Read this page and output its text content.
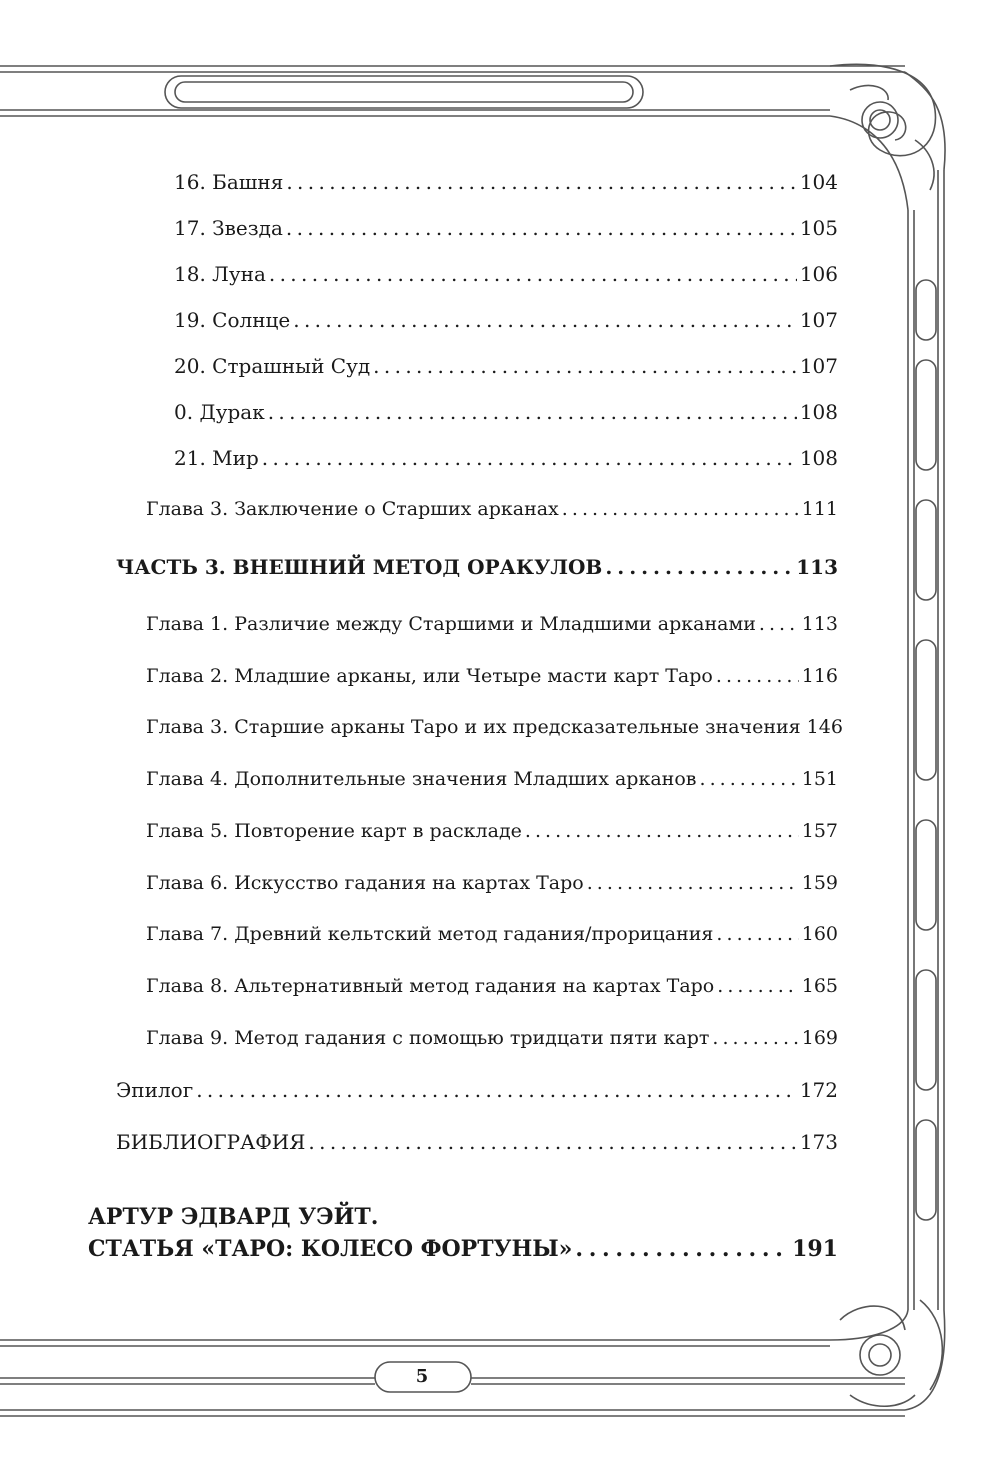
16. Башня . . .	104
17. Звезда . . .	105
18. Луна . . .	106
19. Солнце . . .	107
20. Страшный Суд . . .	107
0. Дурак . . .	108
21. Мир . . .	108
Глава 3. Заключение о Старших арканах . . .	111
ЧАСТЬ 3. ВНЕШНИЙ МЕТОД ОРАКУЛОВ . . .	113
Глава 1. Различие между Старшими и Младшими арканами . . . 113
Глава 2. Младшие арканы, или Четыре масти карт Таро . . .	116
Глава 3. Старшие арканы Таро и их предсказательные значения 146
Глава 4. Дополнительные значения Младших арканов . . .	151
Глава 5. Повторение карт в раскладе . . .	157
Глава 6. Искусство гадания на картах Таро . . .	159
Глава 7. Древний кельтский метод гадания/прорицания . . .	160
Глава 8. Альтернативный метод гадания на картах Таро . . .	165
Глава 9. Метод гадания с помощью тридцати пяти карт . . .	169
Эпилог . . .	172
БИБЛИОГРАФИЯ . . .	173
АРТУР ЭДВАРД УЭЙТ.
СТАТЬЯ «ТАРО: КОЛЕСО ФОРТУНЫ» . . .	191
5
